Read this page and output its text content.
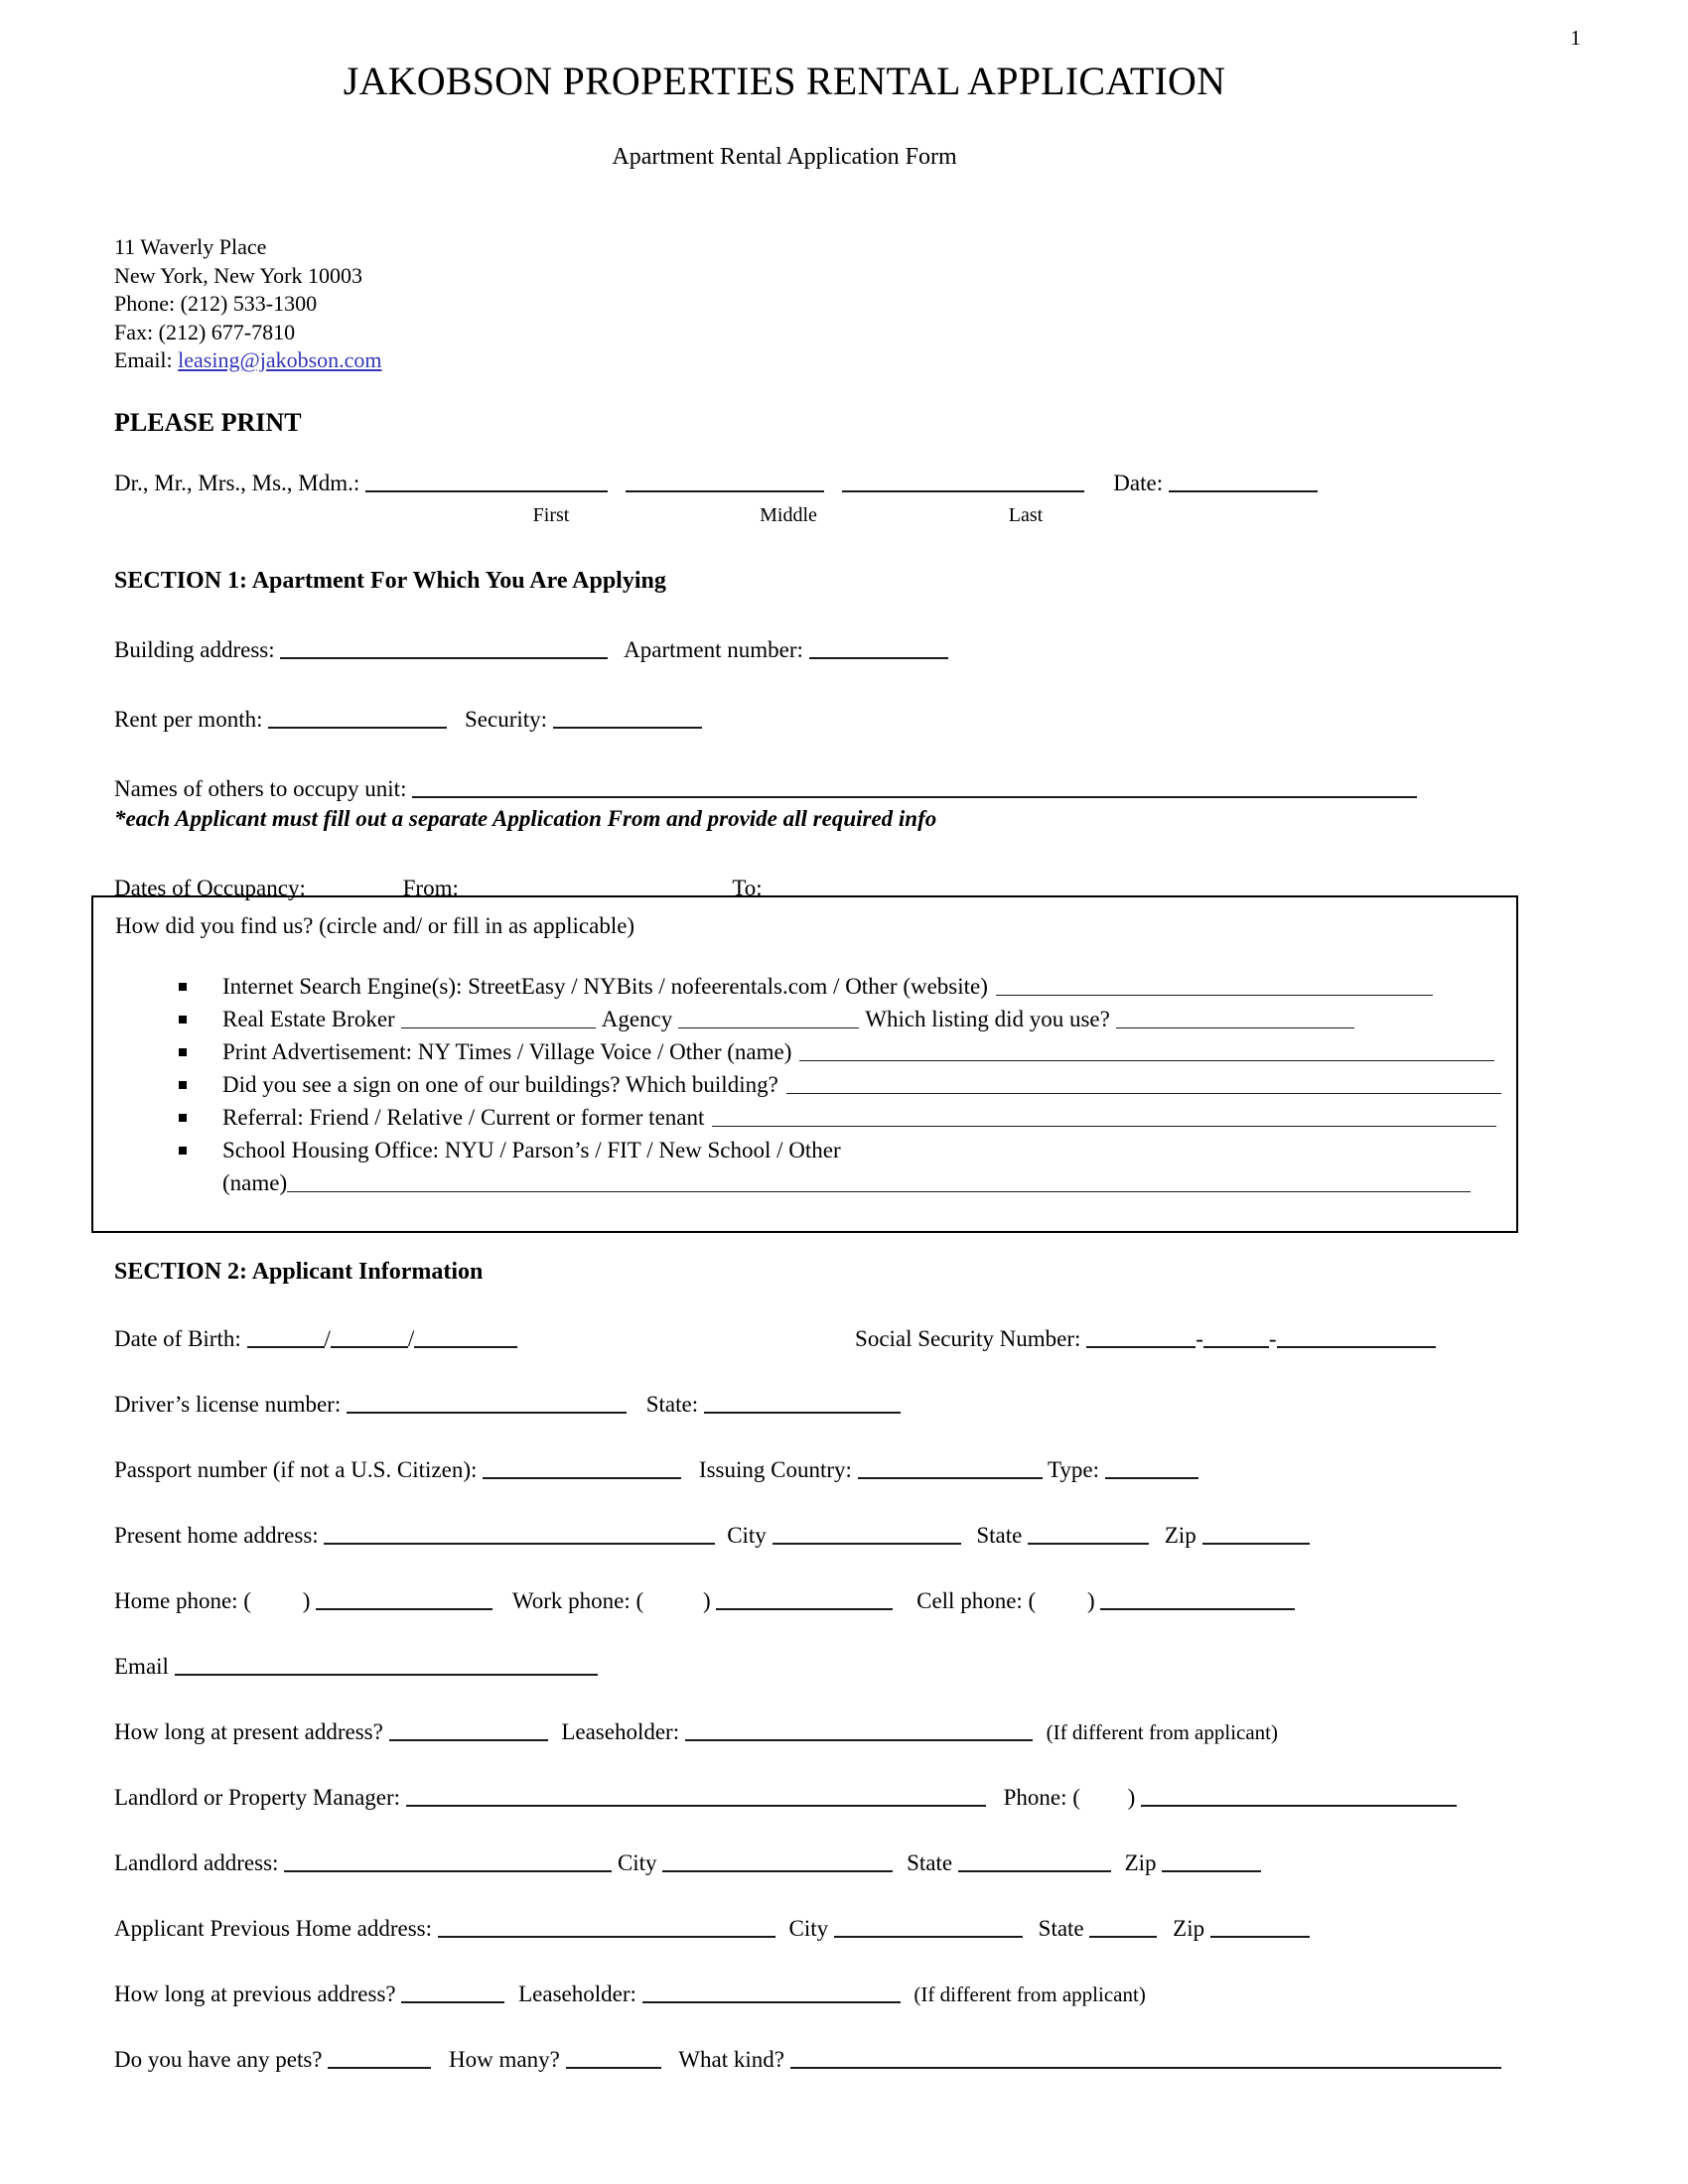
1
JAKOBSON PROPERTIES RENTAL APPLICATION
Apartment Rental Application Form
11 Waverly Place
New York, New York 10003
Phone: (212) 533-1300
Fax: (212) 677-7810
Email: leasing@jakobson.com
PLEASE PRINT
Dr., Mr., Mrs., Ms., Mdm.:	Date:
First	Middle	Last
SECTION 1: Apartment For Which You Are Applying
Building address:	Apartment number:
Rent per month:	Security:
Names of others to occupy unit:
*each Applicant must fill out a separate Application From and provide all required info
Dates of Occupancy:	From:	To:
How did you find us? (circle and/ or fill in as applicable)
Internet Search Engine(s): StreetEasy / NYBits / nofeerentals.com / Other (website)
Real Estate Broker	Agency	Which listing did you use?
Print Advertisement: NY Times / Village Voice / Other (name)
Did you see a sign on one of our buildings? Which building?
Referral: Friend / Relative / Current or former tenant
School Housing Office: NYU / Parson’s / FIT / New School / Other
(name)
SECTION 2: Applicant Information
Date of Birth:	/	/	Social Security Number:	-	-
Driver’s license number:	State:
Passport number (if not a U.S. Citizen):	Issuing Country:	Type:
Present home address:	City	State	Zip
Home phone: ( )	Work phone: (	)	Cell phone: ( )
Email
How long at present address?	Leaseholder:	(If different from applicant)
Landlord or Property Manager:	Phone: ( )
Landlord address:	City	State	Zip
Applicant Previous Home address:	City	State	Zip
How long at previous address?	Leaseholder:	(If different from applicant)
Do you have any pets?	How many?	What kind?
